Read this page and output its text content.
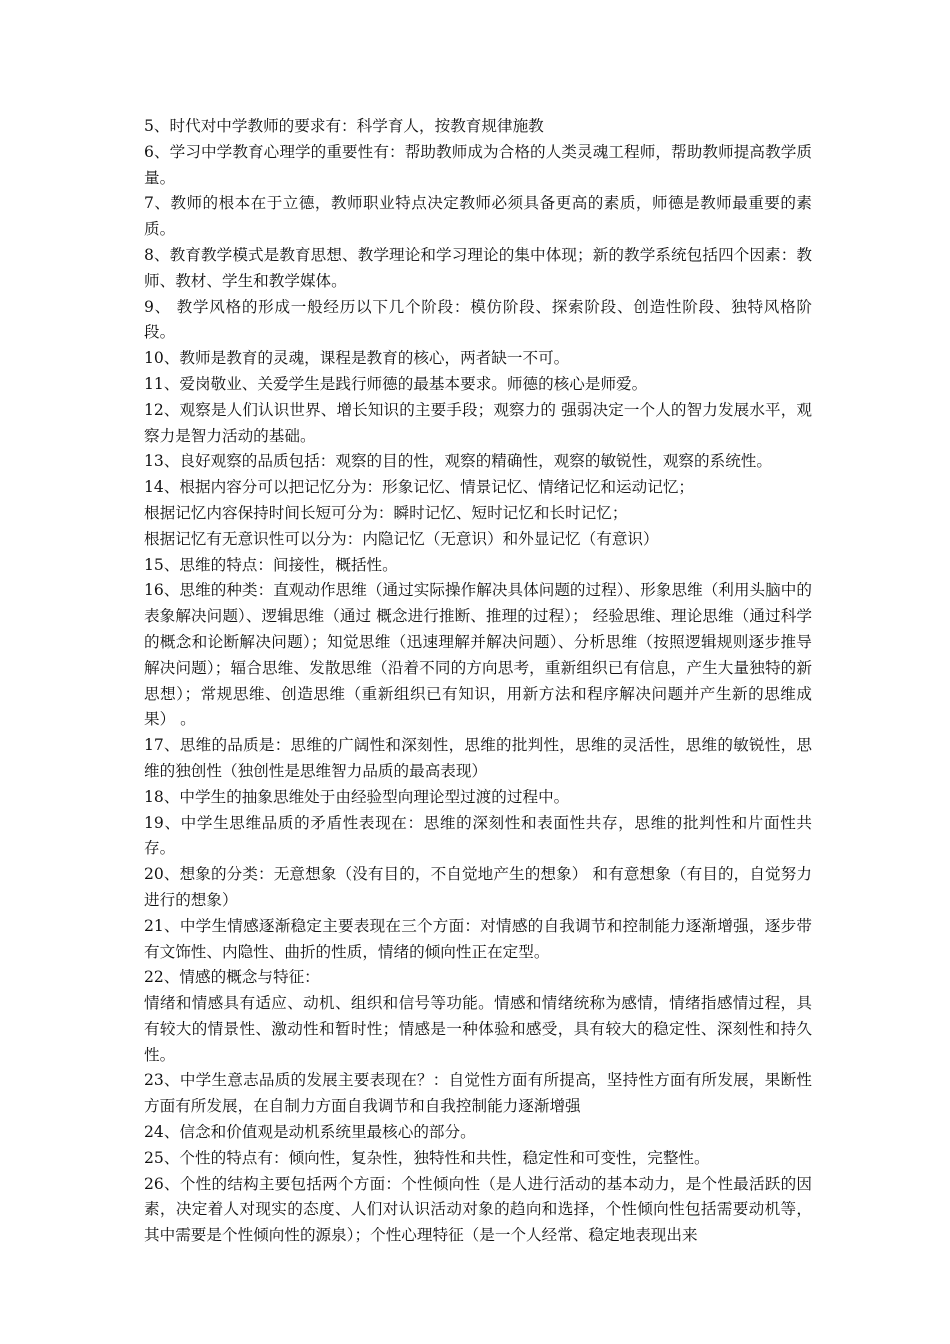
5、时代对中学教师的要求有：科学育人，按教育规律施教

6、学习中学教育心理学的重要性有：帮助教师成为合格的人类灵魂工程师，帮助教师提高教学质量。

7、教师的根本在于立德，教师职业特点决定教师必须具备更高的素质，师德是教师最重要的素质。

8、教育教学模式是教育思想、教学理论和学习理论的集中体现；新的教学系统包括四个因素：教师、教材、学生和教学媒体。

9、 教学风格的形成一般经历以下几个阶段：模仿阶段、探索阶段、创造性阶段、独特风格阶段。

10、教师是教育的灵魂，课程是教育的核心，两者缺一不可。

11、爱岗敬业、关爱学生是践行师德的最基本要求。师德的核心是师爱。

12、观察是人们认识世界、增长知识的主要手段；观察力的 强弱决定一个人的智力发展水平，观察力是智力活动的基础。

13、良好观察的品质包括：观察的目的性，观察的精确性，观察的敏锐性，观察的系统性。

14、根据内容分可以把记忆分为：形象记忆、情景记忆、情绪记忆和运动记忆；

根据记忆内容保持时间长短可分为：瞬时记忆、短时记忆和长时记忆；

根据记忆有无意识性可以分为：内隐记忆（无意识）和外显记忆（有意识）

15、思维的特点：间接性，概括性。

16、思维的种类：直观动作思维（通过实际操作解决具体问题的过程）、形象思维（利用头脑中的表象解决问题）、逻辑思维（通过 概念进行推断、推理的过程）； 经验思维、理论思维（通过科学的概念和论断解决问题）；知觉思维（迅速理解并解决问题）、分析思维（按照逻辑规则逐步推导解决问题）；辐合思维、发散思维（沿着不同的方向思考，重新组织已有信息，产生大量独特的新思想）；常规思维、创造思维（重新组织已有知识，用新方法和程序解决问题并产生新的思维成果） 。

17、思维的品质是：思维的广阔性和深刻性，思维的批判性，思维的灵活性，思维的敏锐性，思维的独创性（独创性是思维智力品质的最高表现）

18、中学生的抽象思维处于由经验型向理论型过渡的过程中。

19、中学生思维品质的矛盾性表现在：思维的深刻性和表面性共存，思维的批判性和片面性共存。

20、想象的分类：无意想象（没有目的，不自觉地产生的想象） 和有意想象（有目的，自觉努力进行的想象）

21、中学生情感逐渐稳定主要表现在三个方面：对情感的自我调节和控制能力逐渐增强，逐步带有文饰性、内隐性、曲折的性质，情绪的倾向性正在定型。

22、情感的概念与特征：

情绪和情感具有适应、动机、组织和信号等功能。情感和情绪统称为感情，情绪指感情过程，具有较大的情景性、激动性和暂时性；情感是一种体验和感受，具有较大的稳定性、深刻性和持久性。

23、中学生意志品质的发展主要表现在？：自觉性方面有所提高，坚持性方面有所发展，果断性方面有所发展，在自制力方面自我调节和自我控制能力逐渐增强

24、信念和价值观是动机系统里最核心的部分。

25、个性的特点有：倾向性，复杂性，独特性和共性，稳定性和可变性，完整性。

26、个性的结构主要包括两个方面：个性倾向性（是人进行活动的基本动力，是个性最活跃的因素，决定着人对现实的态度、人们对认识活动对象的趋向和选择，个性倾向性包括需要动机等，其中需要是个性倾向性的源泉）；个性心理特征（是一个人经常、稳定地表现出来
